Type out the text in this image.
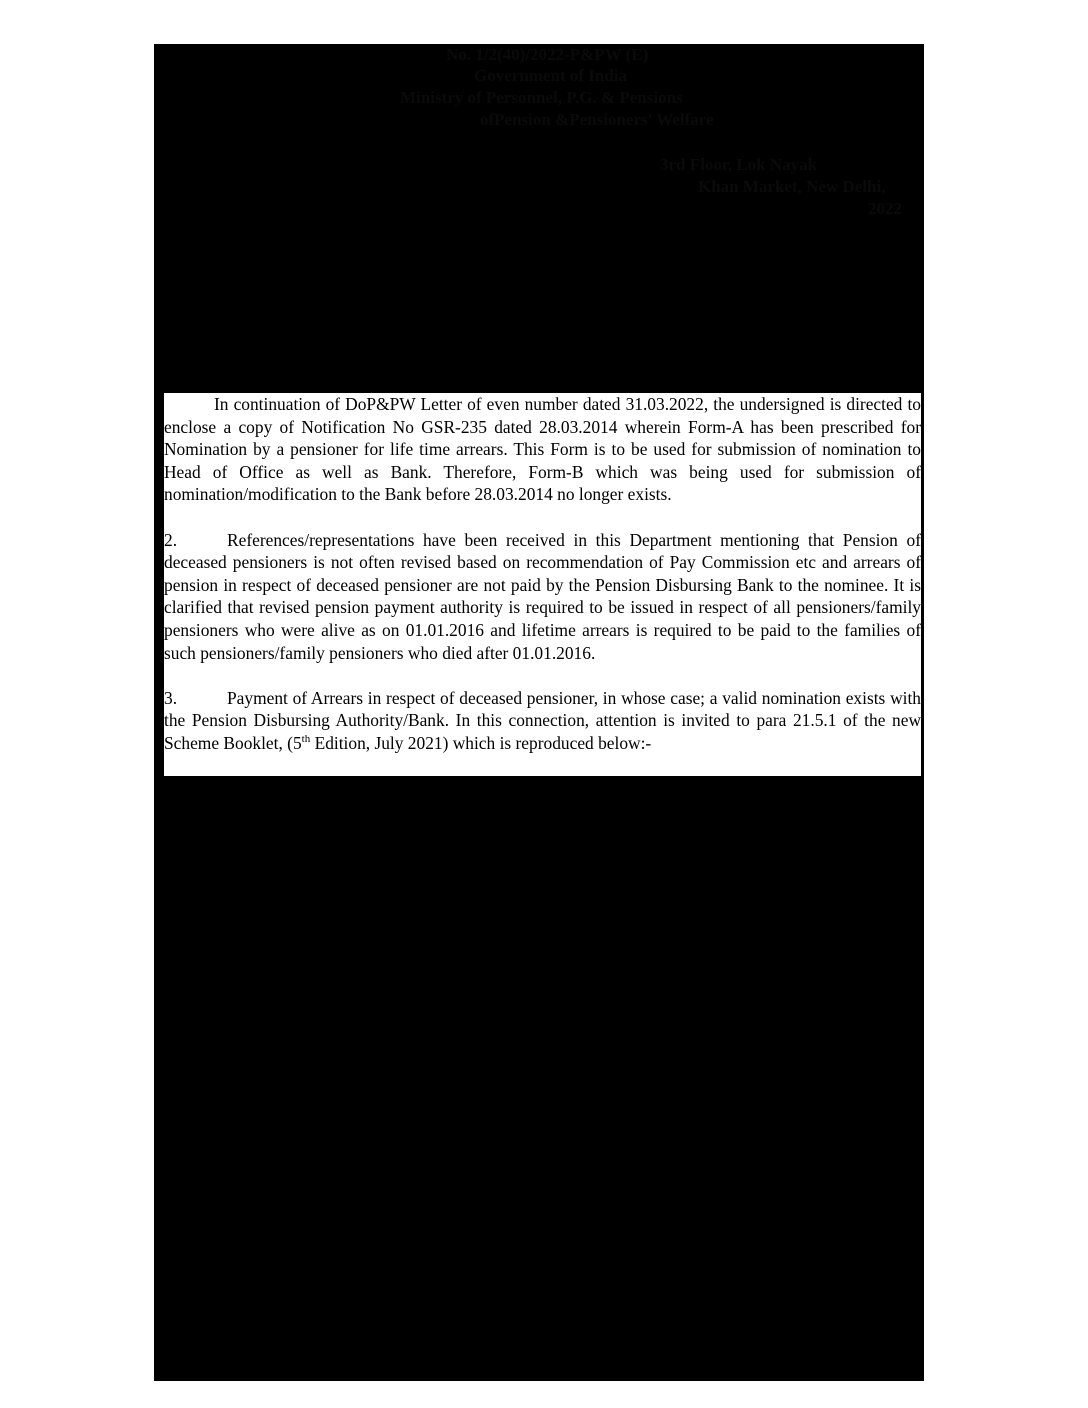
No. 1/2(40)/2022-P&PW (E)
Government of India
Ministry of Personnel, P.G. & Pensions
ofPension &Pensioners' Welfare
3rd Floor, Lok Nayak
Khan Market, New Delhi,
2022

In continuation of DoP&PW Letter of even number dated 31.03.2022, the undersigned is directed to enclose a copy of Notification No GSR-235 dated 28.03.2014 wherein Form-A has been prescribed for Nomination by a pensioner for life time arrears. This Form is to be used for submission of nomination to Head of Office as well as Bank. Therefore, Form-B which was being used for submission of nomination/modification to the Bank before 28.03.2014 no longer exists.

2.	References/representations have been received in this Department mentioning that Pension of deceased pensioners is not often revised based on recommendation of Pay Commission etc and arrears of pension in respect of deceased pensioner are not paid by the Pension Disbursing Bank to the nominee. It is clarified that revised pension payment authority is required to be issued in respect of all pensioners/family pensioners who were alive as on 01.01.2016 and lifetime arrears is required to be paid to the families of such pensioners/family pensioners who died after 01.01.2016.

3.	Payment of Arrears in respect of deceased pensioner, in whose case; a valid nomination exists with the Pension Disbursing Authority/Bank. In this connection, attention is invited to para 21.5.1 of the new Scheme Booklet, (5th Edition, July 2021) which is reproduced below:-
